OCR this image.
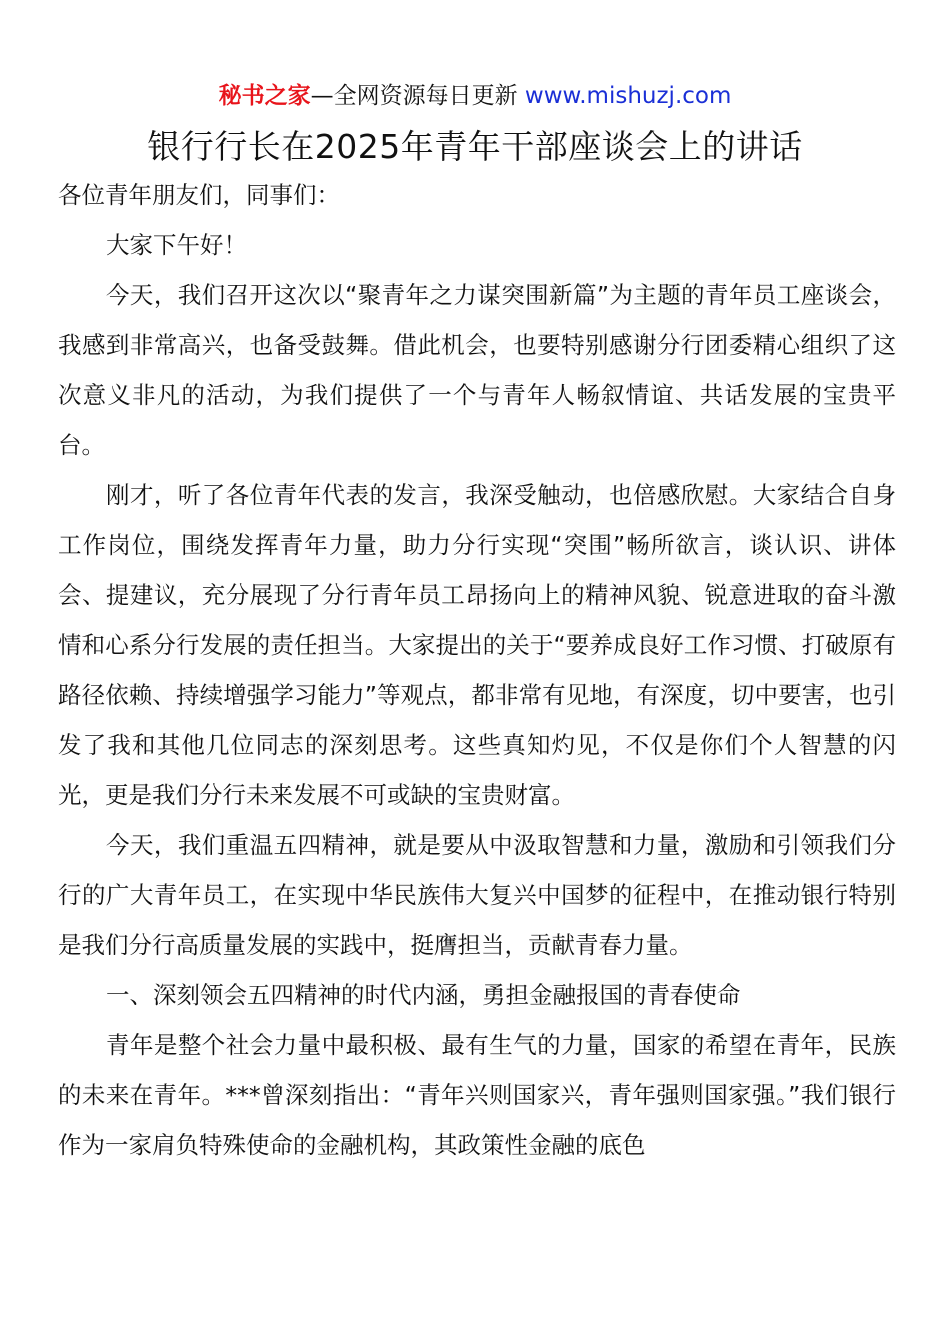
秘书之家—全网资源每日更新 www.mishuzj.com
银行行长在2025年青年干部座谈会上的讲话

各位青年朋友们，同事们：

大家下午好！

今天，我们召开这次以“聚青年之力谋突围新篇”为主题的青年员工座谈会，我感到非常高兴，也备受鼓舞。借此机会，也要特别感谢分行团委精心组织了这次意义非凡的活动，为我们提供了一个与青年人畅叙情谊、共话发展的宝贵平台。

刚才，听了各位青年代表的发言，我深受触动，也倍感欣慰。大家结合自身工作岗位，围绕发挥青年力量，助力分行实现“突围”畅所欲言，谈认识、讲体会、提建议，充分展现了分行青年员工昂扬向上的精神风貌、锐意进取的奋斗激情和心系分行发展的责任担当。大家提出的关于“要养成良好工作习惯、打破原有路径依赖、持续增强学习能力”等观点，都非常有见地，有深度，切中要害，也引发了我和其他几位同志的深刻思考。这些真知灼见，不仅是你们个人智慧的闪光，更是我们分行未来发展不可或缺的宝贵财富。

今天，我们重温五四精神，就是要从中汲取智慧和力量，激励和引领我们分行的广大青年员工，在实现中华民族伟大复兴中国梦的征程中，在推动银行特别是我们分行高质量发展的实践中，挺膺担当，贡献青春力量。

一、深刻领会五四精神的时代内涵，勇担金融报国的青春使命

青年是整个社会力量中最积极、最有生气的力量，国家的希望在青年，民族的未来在青年。***曾深刻指出：“青年兴则国家兴，青年强则国家强。”我们银行作为一家肩负特殊使命的金融机构，其政策性金融的底色
